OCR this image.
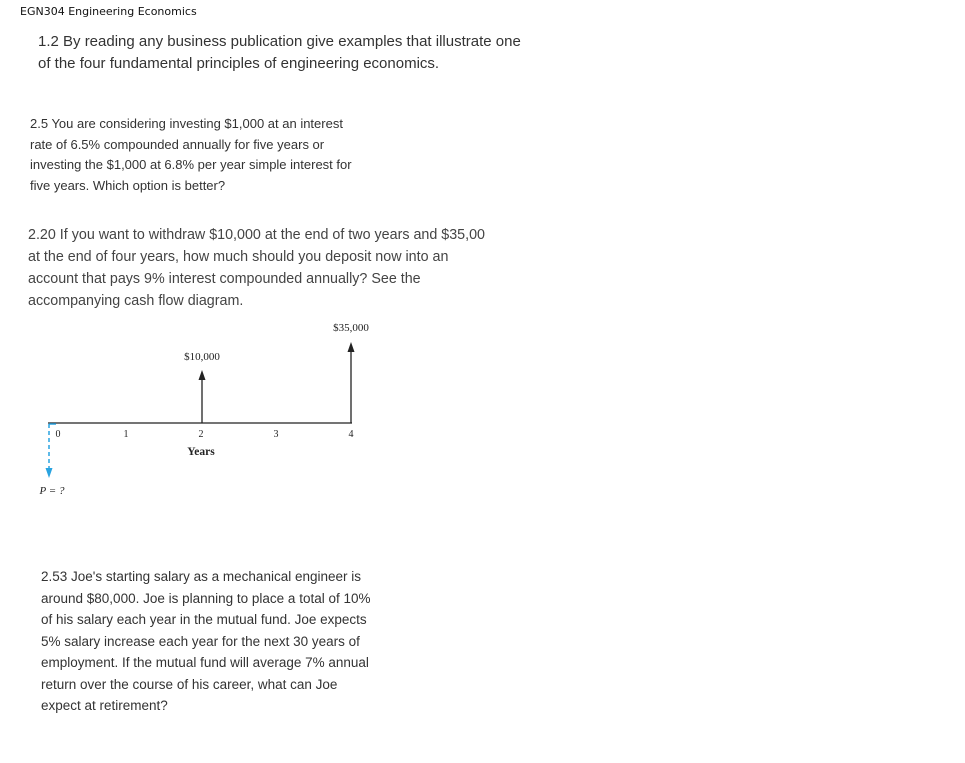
EGN304 Engineering Economics
1.2 By reading any business publication give examples that illustrate one
of the four fundamental principles of engineering economics.
2.5 You are considering investing $1,000 at an interest
rate of 6.5% compounded annually for five years or
investing the $1,000 at 6.8% per year simple interest for
five years. Which option is better?
2.20 If you want to withdraw $10,000 at the end of two years and $35,00
at the end of four years, how much should you deposit now into an
account that pays 9% interest compounded annually? See the
accompanying cash flow diagram.
0	1	2	3	4
Years
$10,000
$35,000
P = ?
2.53 Joe's starting salary as a mechanical engineer is
around $80,000. Joe is planning to place a total of 10%
of his salary each year in the mutual fund. Joe expects
5% salary increase each year for the next 30 years of
employment. If the mutual fund will average 7% annual
return over the course of his career, what can Joe
expect at retirement?
